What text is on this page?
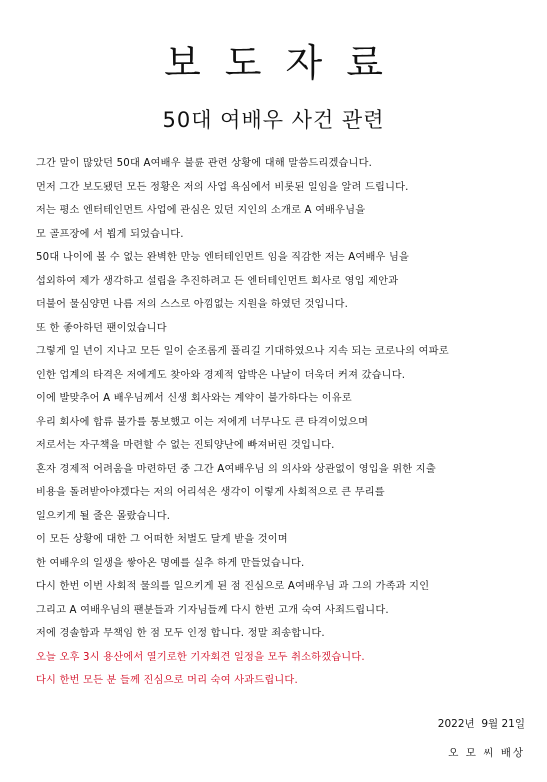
보도자료
50대 여배우 사건 관련
그간 말이 많았던 50대 A여배우 불륜 관련 상황에 대해 말씀드리겠습니다.
먼저 그간 보도됐던 모든 정황은 저의 사업 욕심에서 비롯된 일임을 알려 드립니다.
저는 평소 엔터테인먼트 사업에 관심은 있던 지인의 소개로 A 여배우님을
모 골프장에 서 뵙게 되었습니다.
50대 나이에 볼 수 없는 완벽한 만능 엔터테인먼트 임을 직감한 저는 A여배우 님을
섭외하여 제가 생각하고 설립을 추진하려고 든 엔터테인먼트 회사로 영입 제안과
더불어 물심양면 나름 저의 스스로 아낌없는 지원을 하였던 것입니다.
또 한 좋아하던 팬이었습니다
그렇게 일 년이 지나고 모든 일이 순조롭게 풀리길 기대하였으나 지속 되는 코로나의 여파로
인한 업계의 타격은 저에게도 찾아와 경제적 압박은 나날이 더욱더 커져 갔습니다.
이에 발맞추어 A 배우님께서 신생 회사와는 계약이 불가하다는 이유로
우리 회사에 합류 불가를 통보했고 이는 저에게 너무나도 큰 타격이었으며
저로서는 자구책을 마련할 수 없는 진퇴양난에 빠져버린 것입니다.
혼자 경제적 어려움을 마련하던 중 그간 A여배우님 의 의사와 상관없이 영입을 위한 지출
비용을 돌려받아야겠다는 저의 어리석은 생각이 이렇게 사회적으로 큰 무리를
일으키게 될 줄은 몰랐습니다.
이 모든 상황에 대한 그 어떠한 처벌도 달게 받을 것이며
한 여배우의 일생을 쌓아온 명예를 실추 하게 만들었습니다.
다시 한번 이번 사회적 물의를 일으키게 된 점 진심으로 A여배우님 과 그의 가족과 지인
그리고 A 여배우님의 팬분들과 기자님들께 다시 한번 고개 숙여 사죄드립니다.
저에 경솔함과 무책임 한 점 모두 인정 합니다. 정말 죄송합니다.
오늘 오후 3시 용산에서 열기로한 기자회견 일정을 모두 취소하겠습니다.
다시 한번 모든 분 들께 진심으로 머리 숙여 사과드립니다.
2022년  9월 21일
오 모 씨 배상
